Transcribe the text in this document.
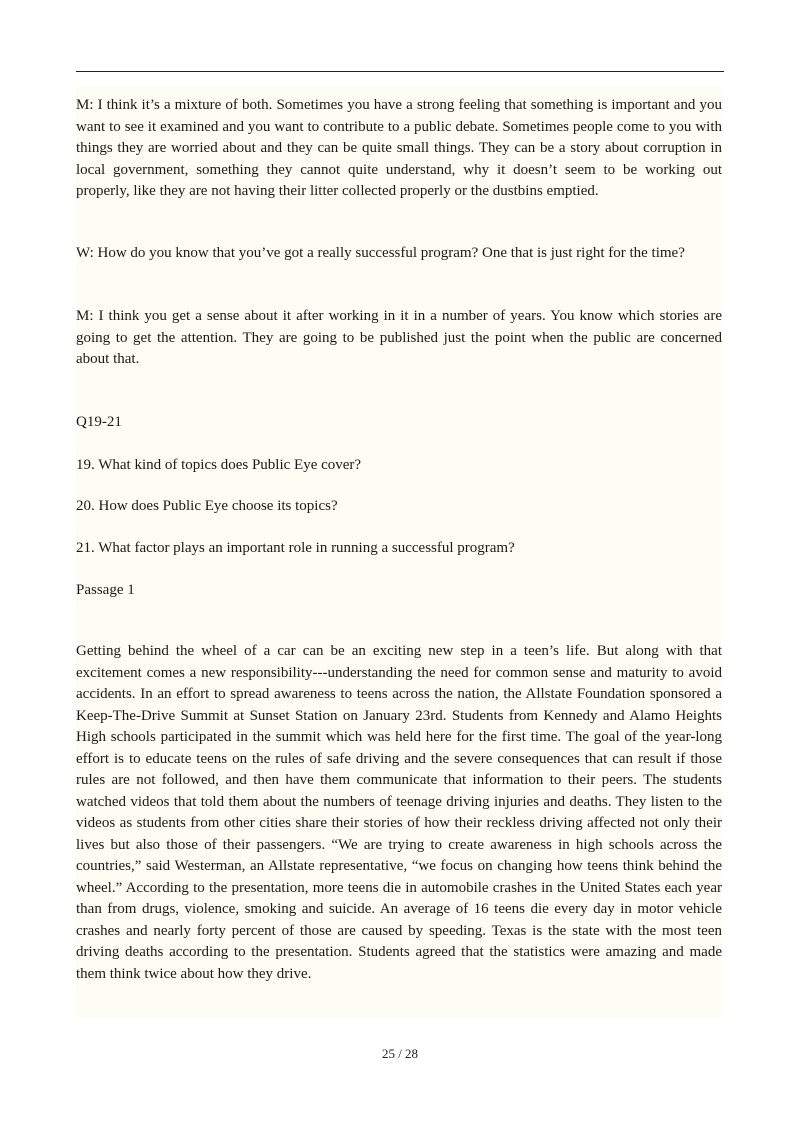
M: I think it’s a mixture of both. Sometimes you have a strong feeling that something is important and you want to see it examined and you want to contribute to a public debate. Sometimes people come to you with things they are worried about and they can be quite small things. They can be a story about corruption in local government, something they cannot quite understand, why it doesn’t seem to be working out properly, like they are not having their litter collected properly or the dustbins emptied.

W: How do you know that you’ve got a really successful program? One that is just right for the time?

M: I think you get a sense about it after working in it in a number of years. You know which stories are going to get the attention. They are going to be published just the point when the public are concerned about that.

Q19-21

19. What kind of topics does Public Eye cover?

20. How does Public Eye choose its topics?

21. What factor plays an important role in running a successful program?

Passage 1

Getting behind the wheel of a car can be an exciting new step in a teen’s life. But along with that excitement comes a new responsibility---understanding the need for common sense and maturity to avoid accidents. In an effort to spread awareness to teens across the nation, the Allstate Foundation sponsored a Keep-The-Drive Summit at Sunset Station on January 23rd. Students from Kennedy and Alamo Heights High schools participated in the summit which was held here for the first time. The goal of the year-long effort is to educate teens on the rules of safe driving and the severe consequences that can result if those rules are not followed, and then have them communicate that information to their peers. The students watched videos that told them about the numbers of teenage driving injuries and deaths. They listen to the videos as students from other cities share their stories of how their reckless driving affected not only their lives but also those of their passengers. “We are trying to create awareness in high schools across the countries,” said Westerman, an Allstate representative, “we focus on changing how teens think behind the wheel.” According to the presentation, more teens die in automobile crashes in the United States each year than from drugs, violence, smoking and suicide. An average of 16 teens die every day in motor vehicle crashes and nearly forty percent of those are caused by speeding. Texas is the state with the most teen driving deaths according to the presentation. Students agreed that the statistics were amazing and made them think twice about how they drive.

25 / 28
